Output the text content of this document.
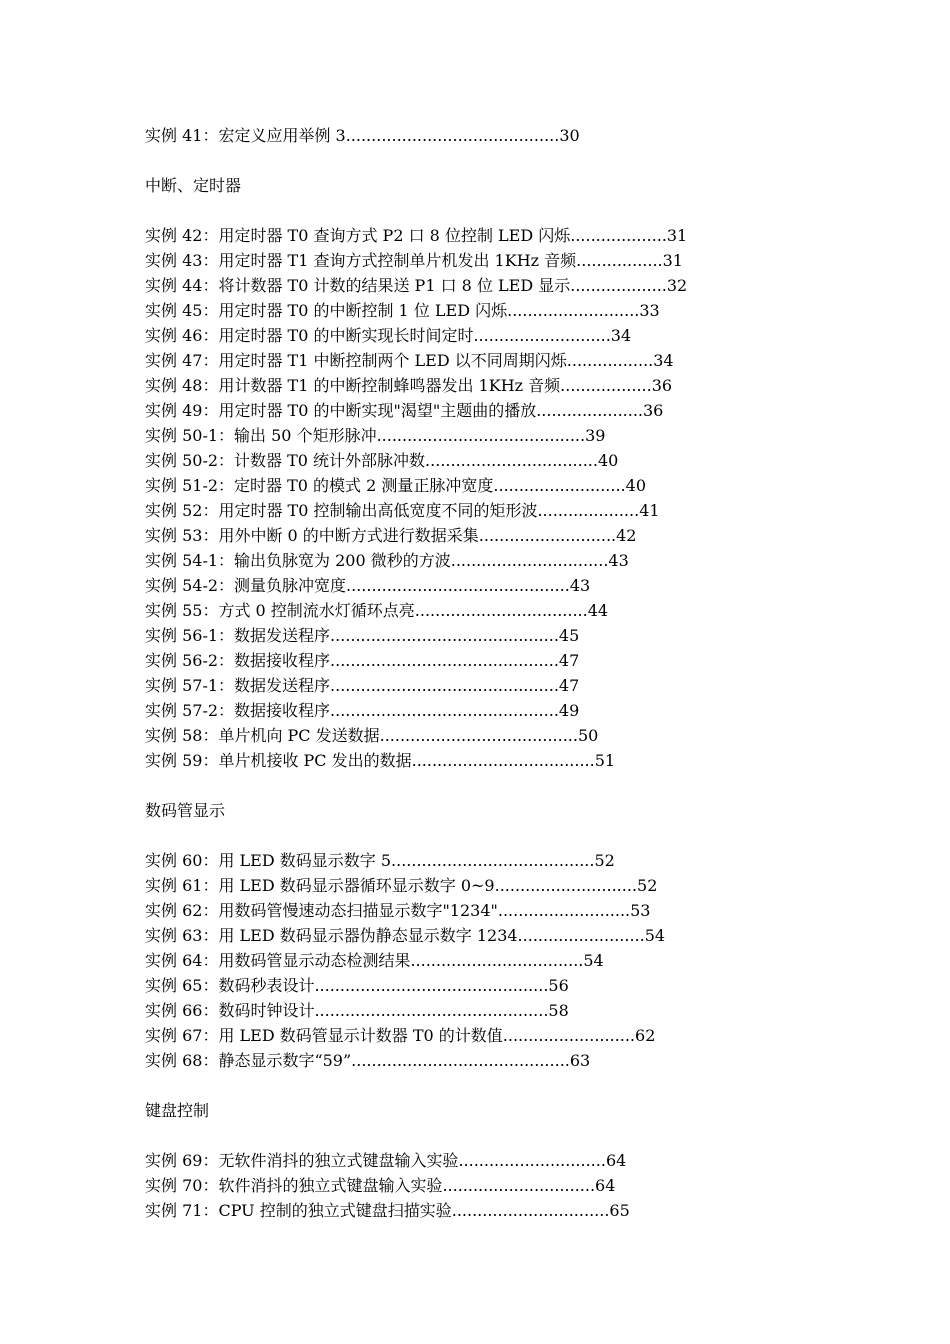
实例 41：宏定义应用举例 3..........................................30
中断、定时器
实例 42：用定时器 T0 查询方式 P2 口 8 位控制 LED 闪烁...................31
实例 43：用定时器 T1 查询方式控制单片机发出 1KHz 音频.................31
实例 44：将计数器 T0 计数的结果送 P1 口 8 位 LED 显示...................32
实例 45：用定时器 T0 的中断控制 1 位 LED 闪烁..........................33
实例 46：用定时器 T0 的中断实现长时间定时...........................34
实例 47：用定时器 T1 中断控制两个 LED 以不同周期闪烁.................34
实例 48：用计数器 T1 的中断控制蜂鸣器发出 1KHz 音频..................36
实例 49：用定时器 T0 的中断实现"渴望"主题曲的播放.....................36
实例 50-1：输出 50 个矩形脉冲.........................................39
实例 50-2：计数器 T0 统计外部脉冲数..................................40
实例 51-2：定时器 T0 的模式 2 测量正脉冲宽度..........................40
实例 52：用定时器 T0 控制输出高低宽度不同的矩形波....................41
实例 53：用外中断 0 的中断方式进行数据采集...........................42
实例 54-1：输出负脉宽为 200 微秒的方波...............................43
实例 54-2：测量负脉冲宽度............................................43
实例 55：方式 0 控制流水灯循环点亮..................................44
实例 56-1：数据发送程序.............................................45
实例 56-2：数据接收程序.............................................47
实例 57-1：数据发送程序.............................................47
实例 57-2：数据接收程序.............................................49
实例 58：单片机向 PC 发送数据.......................................50
实例 59：单片机接收 PC 发出的数据....................................51
数码管显示
实例 60：用 LED 数码显示数字 5........................................52
实例 61：用 LED 数码显示器循环显示数字 0~9............................52
实例 62：用数码管慢速动态扫描显示数字"1234"..........................53
实例 63：用 LED 数码显示器伪静态显示数字 1234.........................54
实例 64：用数码管显示动态检测结果..................................54
实例 65：数码秒表设计..............................................56
实例 66：数码时钟设计..............................................58
实例 67：用 LED 数码管显示计数器 T0 的计数值..........................62
实例 68：静态显示数字“59”...........................................63
键盘控制
实例 69：无软件消抖的独立式键盘输入实验.............................64
实例 70：软件消抖的独立式键盘输入实验..............................64
实例 71：CPU 控制的独立式键盘扫描实验...............................65
